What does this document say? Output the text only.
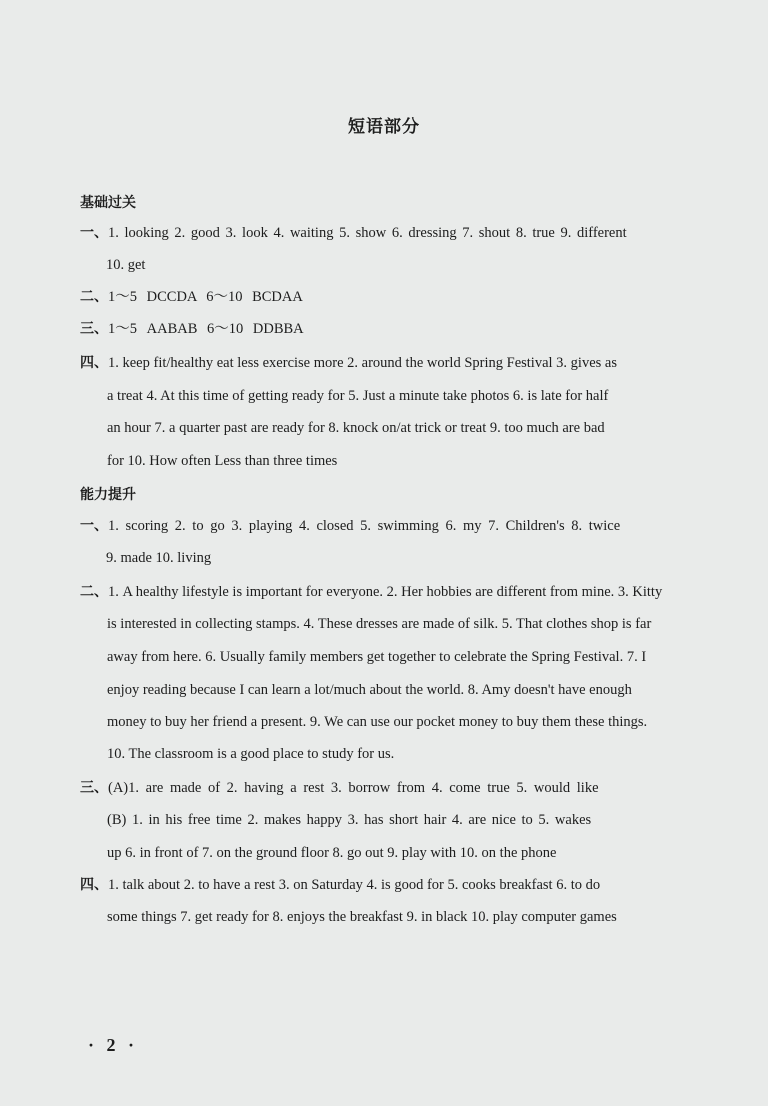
短语部分
基础过关
一、1. looking 2. good 3. look 4. waiting 5. show 6. dressing 7. shout 8. true 9. different
10. get
二、1～5 DCCDA 6～10 BCDAA
三、1～5 AABAB 6～10 DDBBA
四、1. keep fit/healthy eat less exercise more 2. around the world Spring Festival 3. gives as
a treat 4. At this time of getting ready for 5. Just a minute take photos 6. is late for half
an hour 7. a quarter past are ready for 8. knock on/at trick or treat 9. too much are bad
for 10. How often Less than three times
能力提升
一、1. scoring 2. to go 3. playing 4. closed 5. swimming 6. my 7. Children's 8. twice
9. made 10. living
二、1. A healthy lifestyle is important for everyone. 2. Her hobbies are different from mine. 3. Kitty
is interested in collecting stamps. 4. These dresses are made of silk. 5. That clothes shop is far
away from here. 6. Usually family members get together to celebrate the Spring Festival. 7. I
enjoy reading because I can learn a lot/much about the world. 8. Amy doesn't have enough
money to buy her friend a present. 9. We can use our pocket money to buy them these things.
10. The classroom is a good place to study for us.
三、(A)1. are made of 2. having a rest 3. borrow from 4. come true 5. would like
(B) 1. in his free time 2. makes happy 3. has short hair 4. are nice to 5. wakes
up 6. in front of 7. on the ground floor 8. go out 9. play with 10. on the phone
四、1. talk about 2. to have a rest 3. on Saturday 4. is good for 5. cooks breakfast 6. to do
some things 7. get ready for 8. enjoys the breakfast 9. in black 10. play computer games
· 2 ·
